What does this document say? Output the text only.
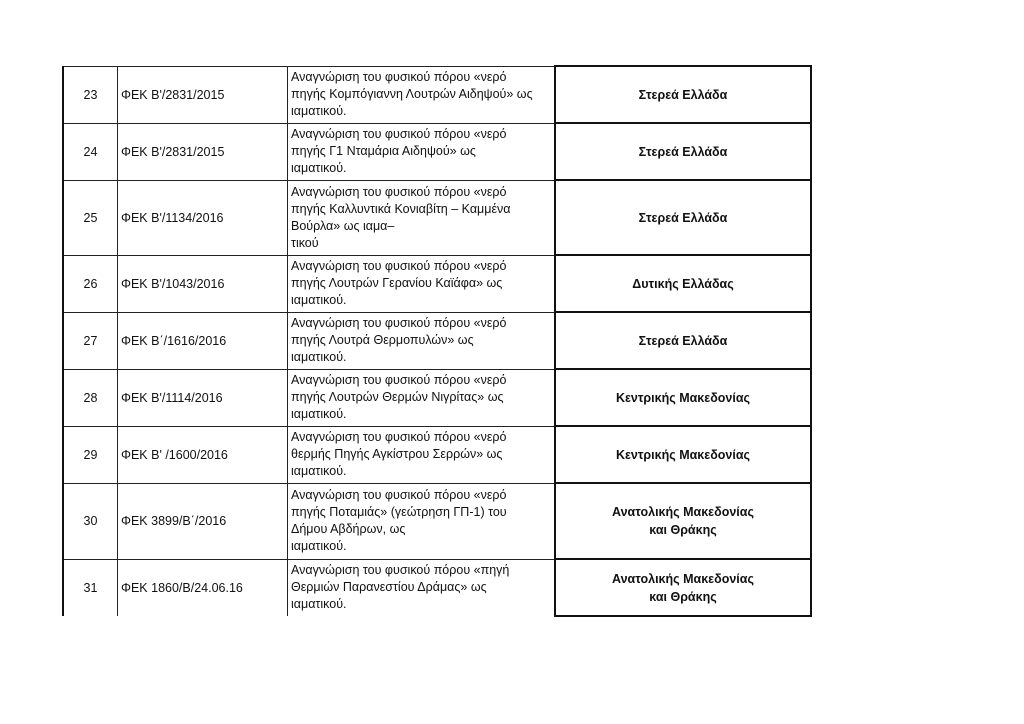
23	ΦΕΚ Β'/2831/2015	Αναγνώριση του φυσικού πόρου «νερό
πηγής Κομπόγιαννη Λουτρών Αιδηψού» ως
ιαματικού.	Στερεά Ελλάδα

24	ΦΕΚ Β'/2831/2015	Αναγνώριση του φυσικού πόρου «νερό
πηγής Γ1 Νταμάρια Αιδηψού» ως
ιαματικού.	Στερεά Ελλάδα

25	ΦΕΚ Β'/1134/2016	Αναγνώριση του φυσικού πόρου «νερό
πηγής Καλλυντικά Κονιαβίτη – Καμμένα
Βούρλα» ως ιαμα–
τικού	Στερεά Ελλάδα

26	ΦΕΚ Β'/1043/2016	Αναγνώριση του φυσικού πόρου «νερό
πηγής Λουτρών Γερανίου Καϊάφα» ως
ιαματικού.	Δυτικής Ελλάδας

27	ΦΕΚ Β΄/1616/2016	Αναγνώριση του φυσικού πόρου «νερό
πηγής Λουτρά Θερμοπυλών» ως
ιαματικού.	Στερεά Ελλάδα

28	ΦΕΚ Β'/1114/2016	Αναγνώριση του φυσικού πόρου «νερό
πηγής Λουτρών Θερμών Νιγρίτας» ως
ιαματικού.	Κεντρικής Μακεδονίας

29	ΦΕΚ Β' /1600/2016	Αναγνώριση του φυσικού πόρου «νερό
θερμής Πηγής Αγκίστρου Σερρών» ως
ιαματικού.	Κεντρικής Μακεδονίας

30	ΦΕΚ 3899/Β΄/2016	Αναγνώριση του φυσικού πόρου «νερό
πηγής Ποταμιάς» (γεώτρηση ΓΠ-1) του
Δήμου Αβδήρων, ως
ιαματικού.	Ανατολικής Μακεδονίας
και Θράκης

31	ΦΕΚ 1860/Β/24.06.16	Αναγνώριση του φυσικού πόρου «πηγή
Θερμιών Παρανεστίου Δράμας» ως
ιαματικού.	Ανατολικής Μακεδονίας
και Θράκης
